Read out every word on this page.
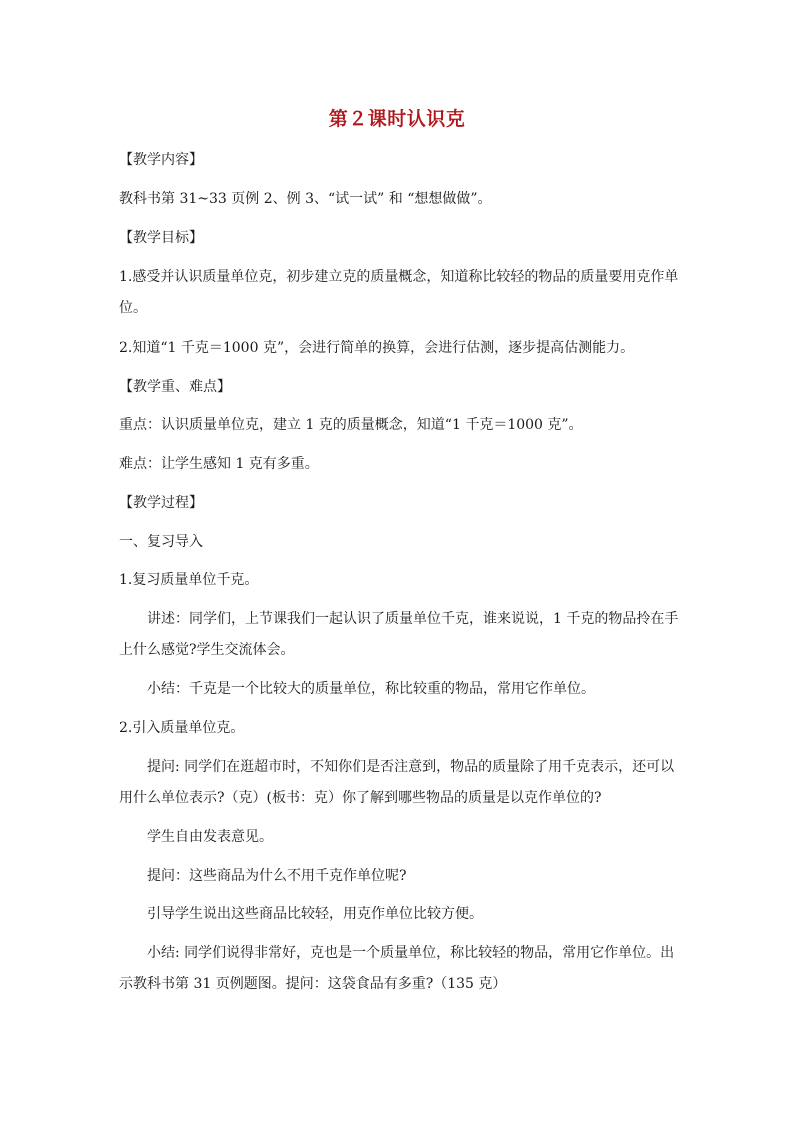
第２课时认识克
【教学内容】
教科书第 31~33 页例 2、例 3、“试一试” 和 “想想做做”。
【教学目标】
1.感受并认识质量单位克，初步建立克的质量概念，知道称比较轻的物品的质量要用克作单
位。
2.知道“1 千克＝1000 克”，会进行简单的换算，会进行估测，逐步提高估测能力。
【教学重、难点】
重点：认识质量单位克，建立 1 克的质量概念，知道“1 千克＝1000 克”。
难点：让学生感知 1 克有多重。
【教学过程】
一、复习导入
1.复习质量单位千克。
讲述：同学们，上节课我们一起认识了质量单位千克，谁来说说，1 千克的物品拎在手
上什么感觉?学生交流体会。
小结：千克是一个比较大的质量单位，称比较重的物品，常用它作单位。
2.引入质量单位克。
提问: 同学们在逛超市时，不知你们是否注意到，物品的质量除了用千克表示，还可以
用什么单位表示?（克）(板书：克）你了解到哪些物品的质量是以克作单位的?
学生自由发表意见。
提问：这些商品为什么不用千克作单位呢?
引导学生说出这些商品比较轻，用克作单位比较方便。
小结: 同学们说得非常好，克也是一个质量单位，称比较轻的物品，常用它作单位。出
示教科书第 31 页例题图。提问：这袋食品有多重?（135 克）
